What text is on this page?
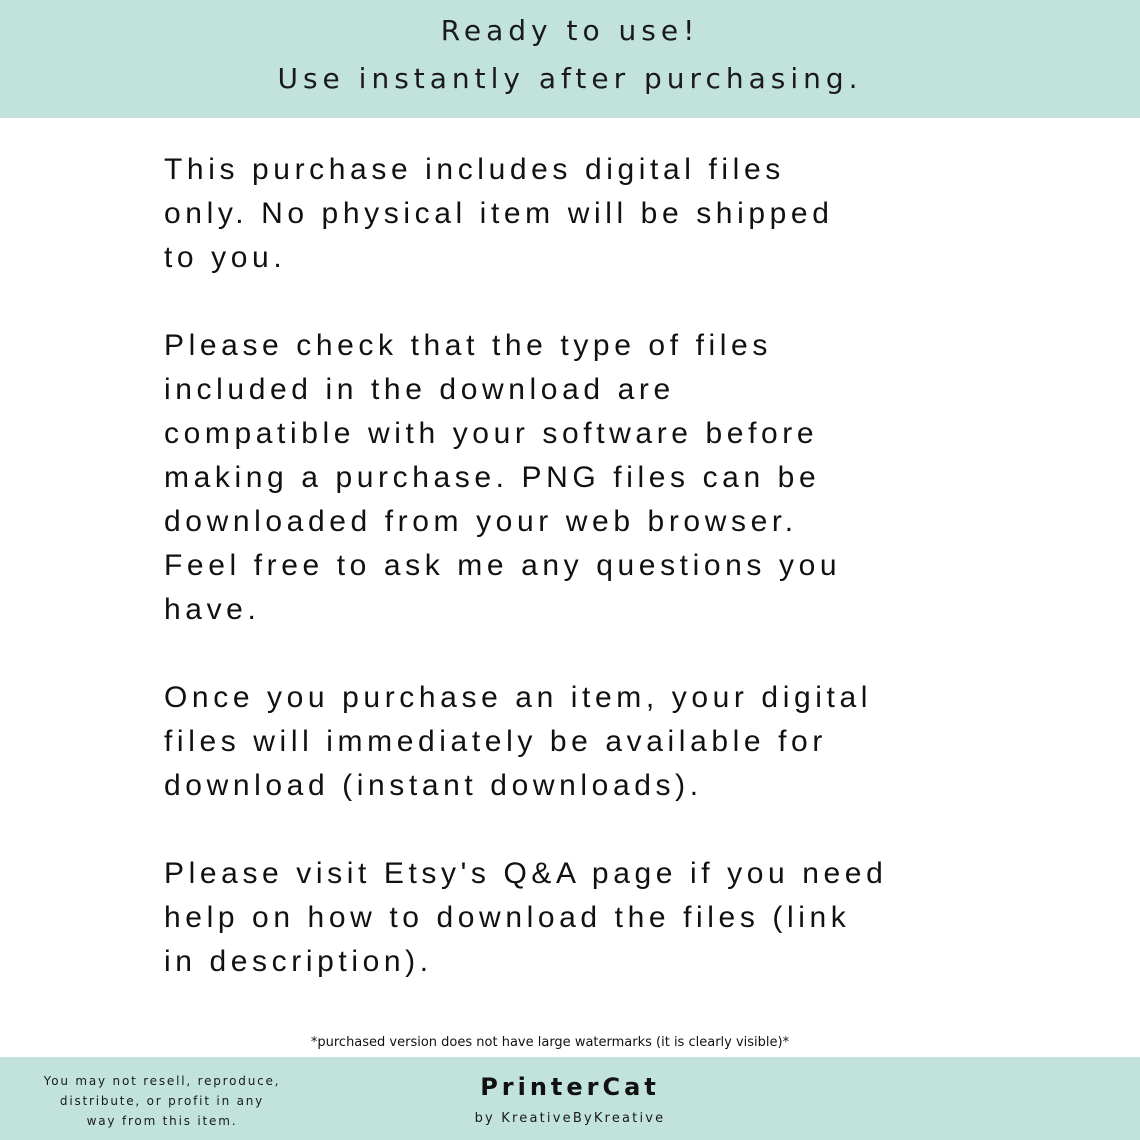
Ready to use!
Use instantly after purchasing.

This purchase includes digital files
only. No physical item will be shipped
to you.

Please check that the type of files
included in the download are
compatible with your software before
making a purchase. PNG files can be
downloaded from your web browser.
Feel free to ask me any questions you
have.

Once you purchase an item, your digital
files will immediately be available for
download (instant downloads).

Please visit Etsy's Q&A page if you need
help on how to download the files (link
in description).

*purchased version does not have large watermarks (it is clearly visible)*
You may not resell, reproduce,
distribute, or profit in any
way from this item.
PrinterCat
by KreativeByKreative
